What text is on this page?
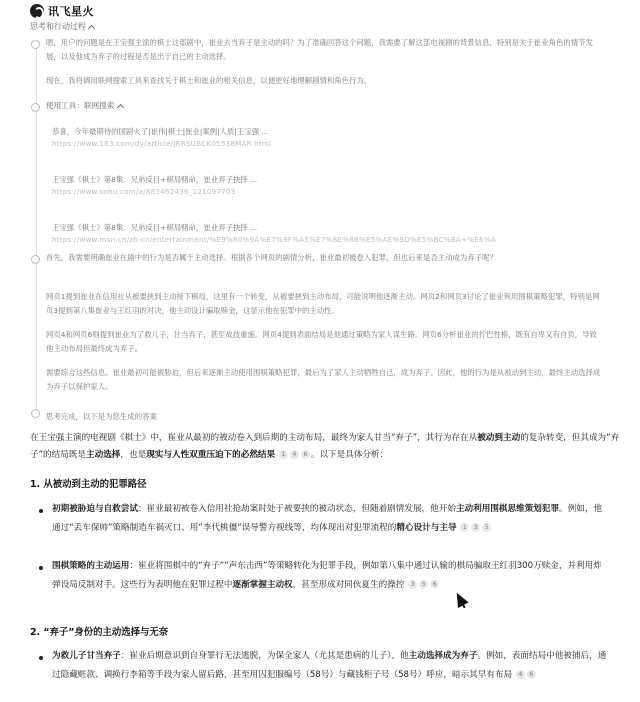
讯飞星火
思考和行动过程
嗯，用户的问题是在王宝强主演的棋士这部剧中，崔业去当弃子是主动的吗？为了准确回答这个问题，我需要了解这部电视剧的背景信息，特别是关于崔业角色的情节发展，以及他成为弃子的过程是否是出于自己的主动选择。
现在，我将调用联网搜索工具来查找关于棋士和崔业的相关信息，以便更好地理解剧情和角色行为。
使用工具：联网搜索
恭喜，今年最期待的国剧火了|崔伟|棋士|崔业|案例|人质|王宝强 ...
https://www.163.com/dy/article/JRRSUBCK05538MAR.html
王宝强《棋士》第8集：兄弟反目+棋局赌命，崔业弃子抉择 ...
https://www.sohu.com/a/883462436_121097703
王宝强《棋士》第8集：兄弟反目+棋局赌命，崔业弃子抉择 ...
https://www.msn.cn/zh-cn/entertainment/%E9%80%9A%E7%9F%A5%E7%8E%8B%E5%AE%9D%E5%BC%BA+%E6%A
首先，我需要明确崔业在剧中的行为是否属于主动选择。根据各个网页的剧情分析，崔业最初被卷入犯罪，但也后来是否主动成为弃子呢？
网页1提到崔业在信用社从被要挟到主动接下棋局，这里有一个转变，从被要挟到主动布局，可能说明他逐渐主动。网页2和网页3讨论了崔业利用围棋策略犯罪，特别是网页3提到第八集崔业与王红羽的对决，他主动设计骗取赎金，这显示他在犯罪中的主动性。
网页4和网页6则提到崔业为了救儿子，甘当弃子，甚至故技重施。网页4提到表面结局是他通过策略为家人谋生路。网页6分析崔业的拧巴性格，既有自卑又有自负，导致他主动布局但最终成为弃子。
需要综合这些信息。崔业最初可能被胁迫，但后来逐渐主动使用围棋策略犯罪，最后为了家人主动牺牲自己，成为弃子。因此，他的行为是从被动到主动，最终主动选择成为弃子以保护家人。
思考完成，以下是为您生成的答案
在王宝强主演的电视剧《棋士》中，崔业从最初的被动卷入到后期的主动布局，最终为家人甘当“弃子”，其行为存在从被动到主动的复杂转变，但其成为“弃子”的结局既是主动选择，也是现实与人性双重压迫下的必然结果 1 4 6 。以下是具体分析：
1. 从被动到主动的犯罪路径
初期被胁迫与自救尝试：崔业最初被卷入信用社抢劫案时处于被要挟的被动状态，但随着剧情发展，他开始主动利用围棋思维策划犯罪。例如，他通过“丢车保帅”策略制造车祸灭口、用“李代桃僵”误导警方视线等，均体现出对犯罪流程的精心设计与主导 1 3 5
围棋策略的主动运用：崔业将围棋中的“弃子”“声东击西”等策略转化为犯罪手段，例如第八集中通过认输的棋局骗取王红羽300万赎金，并利用炸弹设局反制对手。这些行为表明他在犯罪过程中逐渐掌握主动权，甚至形成对同伙夏生的操控 3 5 6
2. “弃子”身份的主动选择与无奈
为救儿子甘当弃子：崔业后期意识到自身罪行无法逃脱，为保全家人（尤其是患病的儿子），他主动选择成为弃子。例如，表面结局中他被捕后，通过隐藏赃款、调换行李箱等手段为家人留后路，甚至用囚犯服编号（58号）与藏钱柜子号（58号）呼应，暗示其早有布局 4 6
